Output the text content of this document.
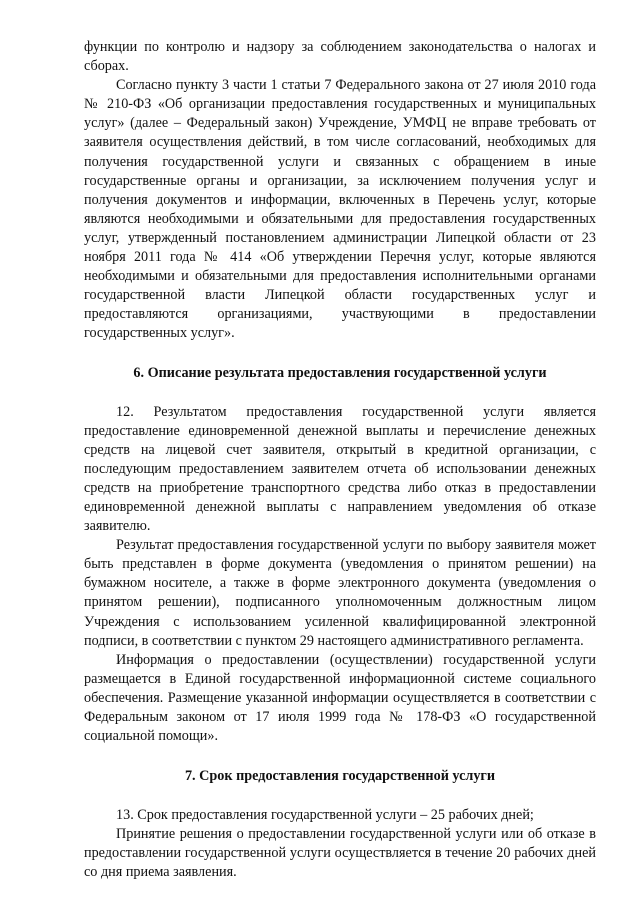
функции по контролю и надзору за соблюдением законодательства о налогах и сборах.

Согласно пункту 3 части 1 статьи 7 Федерального закона от 27 июля 2010 года № 210-ФЗ «Об организации предоставления государственных и муниципальных услуг» (далее – Федеральный закон) Учреждение, УМФЦ не вправе требовать от заявителя осуществления действий, в том числе согласований, необходимых для получения государственной услуги и связанных с обращением в иные государственные органы и организации, за исключением получения услуг и получения документов и информации, включенных в Перечень услуг, которые являются необходимыми и обязательными для предоставления государственных услуг, утвержденный постановлением администрации Липецкой области от 23 ноября 2011 года № 414 «Об утверждении Перечня услуг, которые являются необходимыми и обязательными для предоставления исполнительными органами государственной власти Липецкой области государственных услуг и предоставляются организациями, участвующими в предоставлении государственных услуг».

6. Описание результата предоставления государственной услуги

12. Результатом предоставления государственной услуги является предоставление единовременной денежной выплаты и перечисление денежных средств на лицевой счет заявителя, открытый в кредитной организации, с последующим предоставлением заявителем отчета об использовании денежных средств на приобретение транспортного средства либо отказ в предоставлении единовременной денежной выплаты с направлением уведомления об отказе заявителю.

Результат предоставления государственной услуги по выбору заявителя может быть представлен в форме документа (уведомления о принятом решении) на бумажном носителе, а также в форме электронного документа (уведомления о принятом решении), подписанного уполномоченным должностным лицом Учреждения с использованием усиленной квалифицированной электронной подписи, в соответствии с пунктом 29 настоящего административного регламента.

Информация о предоставлении (осуществлении) государственной услуги размещается в Единой государственной информационной системе социального обеспечения. Размещение указанной информации осуществляется в соответствии с Федеральным законом от 17 июля 1999 года № 178-ФЗ «О государственной социальной помощи».

7. Срок предоставления государственной услуги

13. Срок предоставления государственной услуги – 25 рабочих дней;

Принятие решения о предоставлении государственной услуги или об отказе в предоставлении государственной услуги осуществляется в течение 20 рабочих дней со дня приема заявления.
